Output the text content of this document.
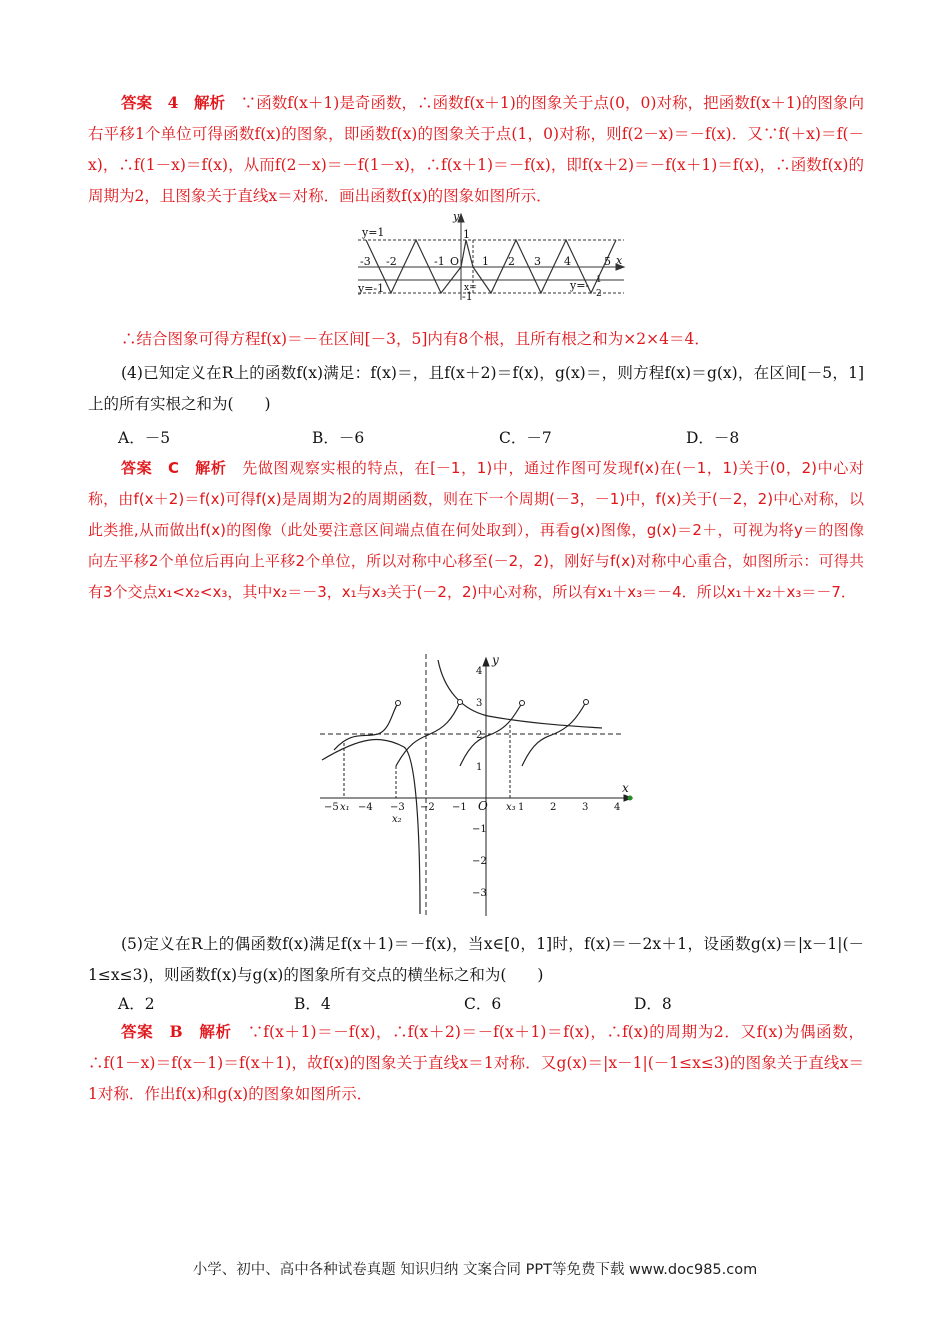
答案　4　解析　 ∵函数f(x＋1)是奇函数，∴函数f(x＋1)的图象关于点(0，0)对称，把函数f(x＋1)的图象向右平移1个单位可得函数f(x)的图象，即函数f(x)的图象关于点(1，0)对称，则f(2－x)＝－f(x)．又∵f(＋x)＝f(－x)，∴f(1－x)＝f(x)，从而f(2－x)＝－f(1－x)，∴f(x＋1)＝－f(x)，即f(x＋2)＝－f(x＋1)＝f(x)，∴函数f(x)的周期为2，且图象关于直线x＝对称．画出函数f(x)的图象如图所示．
y=1
y=-1	y=- 1
2
-3 -2	-1 O 1 2 3 4	5
1
-1
x=
x
y
∴结合图象可得方程f(x)＝－在区间[－3，5]内有8个根，且所有根之和为×2×4＝4．
(4)已知定义在R上的函数f(x)满足：f(x)＝，且f(x＋2)＝f(x)，g(x)＝，则方程f(x)＝g(x)，在区间[－5，1]上的所有实根之和为(　　)
A．－5	B．－6	C．－7	D．－8
答案　C　解析　 先做图观察实根的特点，在[－1，1)中，通过作图可发现f(x)在(－1，1)关于(0，2)中心对称，由f(x＋2)＝f(x)可得f(x)是周期为2的周期函数，则在下一个周期(－3，－1)中，f(x)关于(－2，2)中心对称，以此类推,从而做出f(x)的图像（此处要注意区间端点值在何处取到），再看g(x)图像，g(x)＝2＋，可视为将y＝的图像向左平移2个单位后再向上平移2个单位，所以对称中心移至(－2，2)，刚好与f(x)对称中心重合，如图所示：可得共有3个交点x₁<x₂<x₃，其中x₂＝－3，x₁与x₃关于(－2，2)中心对称，所以有x₁＋x₃＝－4．所以x₁＋x₂＋x₃＝－7．
−5 −4 −3 −2 −1	1	2	3	4
4
3
2
1
−1
−2
−3
O
x
y
x₁
x₂
x₃
(5)定义在R上的偶函数f(x)满足f(x＋1)＝－f(x)，当x∈[0，1]时，f(x)＝－2x＋1，设函数g(x)＝|x－1|(－1≤x≤3)，则函数f(x)与g(x)的图象所有交点的横坐标之和为(　　)
A．2	B．4	C．6	D．8
答案　B　解析　 ∵f(x＋1)＝－f(x)，∴f(x＋2)＝－f(x＋1)＝f(x)，∴f(x)的周期为2．又f(x)为偶函数，∴f(1－x)＝f(x－1)＝f(x＋1)，故f(x)的图象关于直线x＝1对称．又g(x)＝|x－1|(－1≤x≤3)的图象关于直线x＝1对称．作出f(x)和g(x)的图象如图所示．
小学、初中、高中各种试卷真题 知识归纳 文案合同 PPT等免费下载 www.doc985.com
